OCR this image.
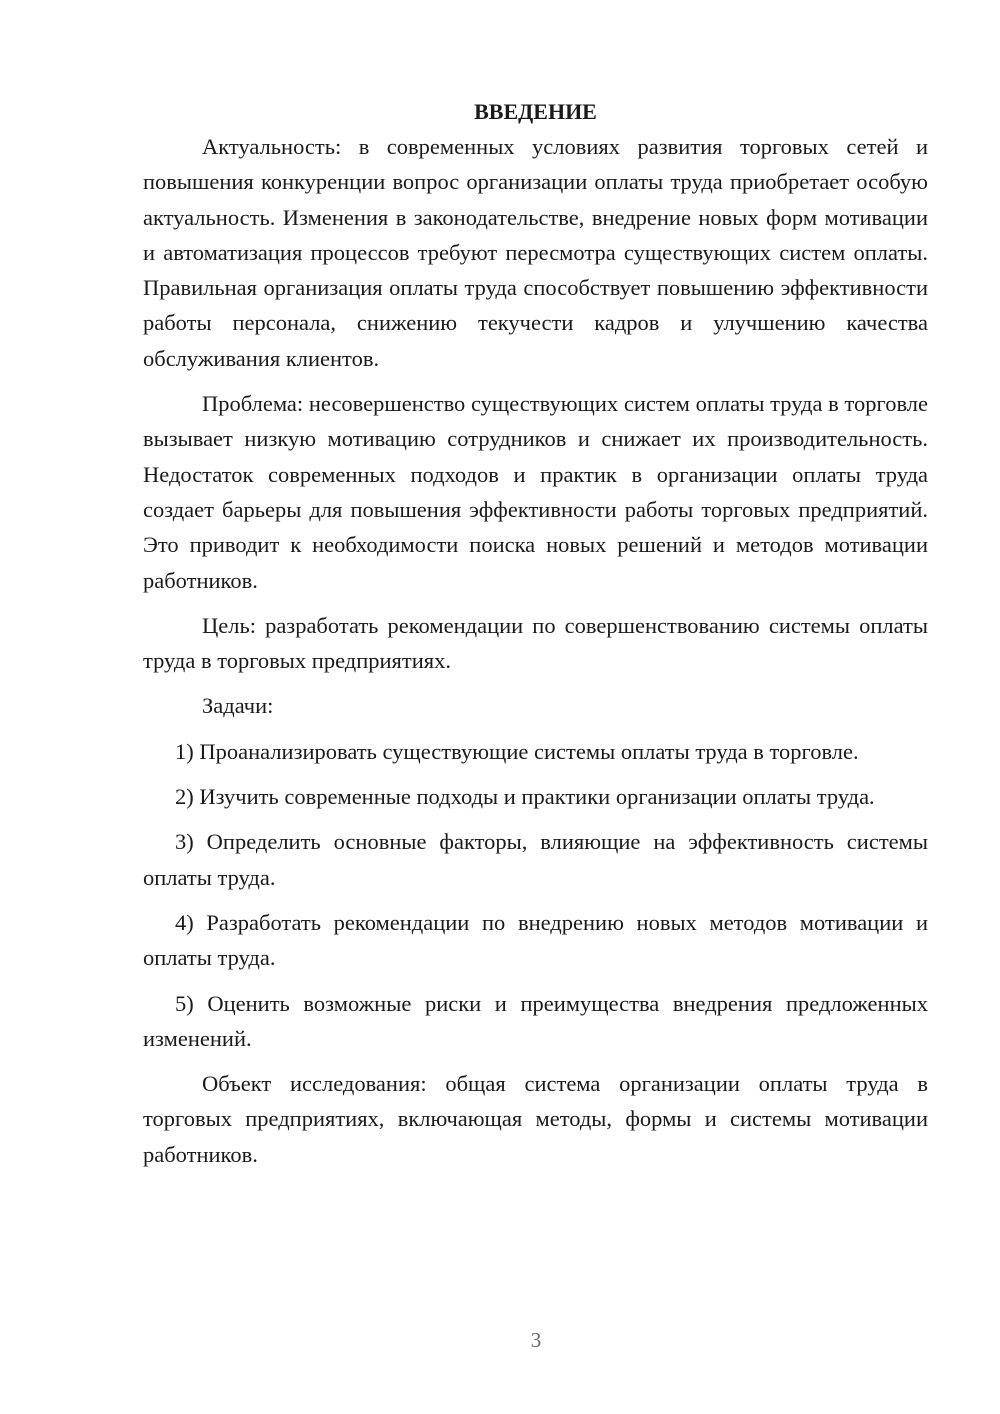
ВВЕДЕНИЕ

Актуальность: в современных условиях развития торговых сетей и повышения конкуренции вопрос организации оплаты труда приобретает особую актуальность. Изменения в законодательстве, внедрение новых форм мотивации и автоматизация процессов требуют пересмотра существующих систем оплаты. Правильная организация оплаты труда способствует повышению эффективности работы персонала, снижению текучести кадров и улучшению качества обслуживания клиентов.

Проблема: несовершенство существующих систем оплаты труда в торговле вызывает низкую мотивацию сотрудников и снижает их производительность. Недостаток современных подходов и практик в организации оплаты труда создает барьеры для повышения эффективности работы торговых предприятий. Это приводит к необходимости поиска новых решений и методов мотивации работников.

Цель: разработать рекомендации по совершенствованию системы оплаты труда в торговых предприятиях.

Задачи:

1) Проанализировать существующие системы оплаты труда в торговле.

2) Изучить современные подходы и практики организации оплаты труда.

3) Определить основные факторы, влияющие на эффективность системы оплаты труда.

4) Разработать рекомендации по внедрению новых методов мотивации и оплаты труда.

5) Оценить возможные риски и преимущества внедрения предложенных изменений.

Объект исследования: общая система организации оплаты труда в торговых предприятиях, включающая методы, формы и системы мотивации работников.

3
